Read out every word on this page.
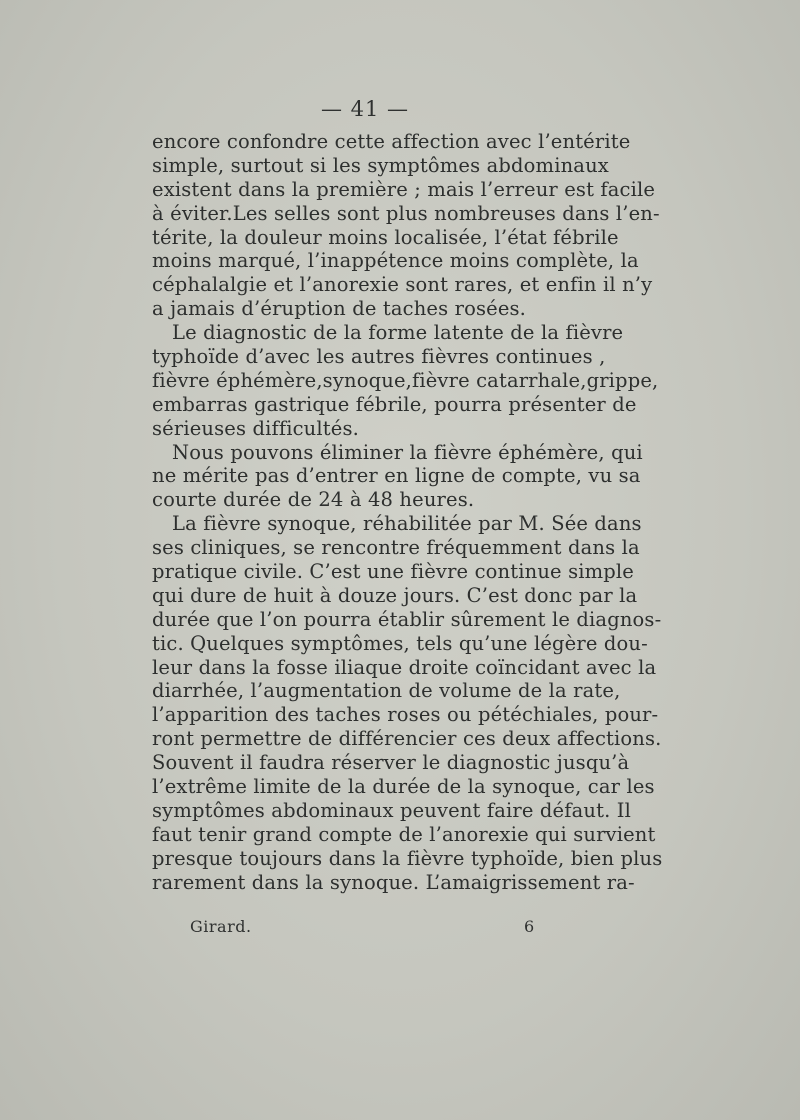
— 41 —
encore confondre cette affection avec l’entérite
simple, surtout si les symptômes abdominaux
existent dans la première ; mais l’erreur est facile
à éviter.Les selles sont plus nombreuses dans l’en-
térite, la douleur moins localisée, l’état fébrile
moins marqué, l’inappétence moins complète, la
céphalalgie et l’anorexie sont rares, et enfin il n’y
a jamais d’éruption de taches rosées.
Le diagnostic de la forme latente de la fièvre
typhoïde d’avec les autres fièvres continues ,
fièvre éphémère,synoque,fièvre catarrhale,grippe,
embarras gastrique fébrile, pourra présenter de
sérieuses difficultés.
Nous pouvons éliminer la fièvre éphémère, qui
ne mérite pas d’entrer en ligne de compte, vu sa
courte durée de 24 à 48 heures.
La fièvre synoque, réhabilitée par M. Sée dans
ses cliniques, se rencontre fréquemment dans la
pratique civile. C’est une fièvre continue simple
qui dure de huit à douze jours. C’est donc par la
durée que l’on pourra établir sûrement le diagnos-
tic. Quelques symptômes, tels qu’une légère dou-
leur dans la fosse iliaque droite coïncidant avec la
diarrhée, l’augmentation de volume de la rate,
l’apparition des taches roses ou pétéchiales, pour-
ront permettre de différencier ces deux affections.
Souvent il faudra réserver le diagnostic jusqu’à
l’extrême limite de la durée de la synoque, car les
symptômes abdominaux peuvent faire défaut. Il
faut tenir grand compte de l’anorexie qui survient
presque toujours dans la fièvre typhoïde, bien plus
rarement dans la synoque. L’amaigrissement ra-
Girard.	6
